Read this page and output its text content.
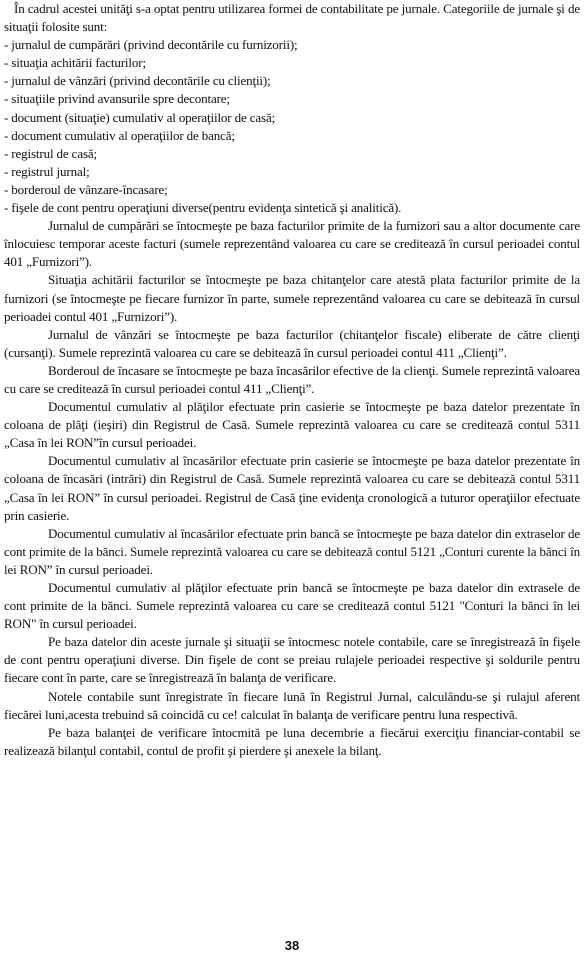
În cadrul acestei unităţi s-a optat pentru utilizarea formei de contabilitate pe jurnale. Categoriile de jurnale şi de situaţii folosite sunt:

- jurnalul de cumpărări (privind decontările cu furnizorii);

- situaţia achitării facturilor;

- jurnalul de vânzări (privind decontările cu clienţii);

- situaţiile privind avansurile spre decontare;

- document (situaţie) cumulativ al operaţiilor de casă;

- document cumulativ al operaţiilor de bancă;

- registrul de casă;

- registrul jurnal;

- borderoul de vânzare-încasare;

- fişele de cont pentru operaţiuni diverse(pentru evidenţa sintetică şi analitică).

Jurnalul de cumpărări se întocmeşte pe baza facturilor primite de la furnizori sau a altor documente care înlocuiesc temporar aceste facturi (sumele reprezentând valoarea cu care se creditează în cursul perioadei contul 401 „Furnizori”).

Situaţia achitării facturilor se întocmeşte pe baza chitanţelor care atestă plata facturilor primite de la furnizori (se întocmeşte pe fiecare furnizor în parte, sumele reprezentând valoarea cu care se debitează în cursul perioadei contul 401 „Furnizori”).

Jurnalul de vânzări se întocmeşte pe baza facturilor (chitanţelor fiscale) eliberate de către clienţi (cursanţi). Sumele reprezintă valoarea cu care se debitează în cursul perioadei contul 411 „Clienţi”.

Borderoul de încasare se întocmeşte pe baza încasărilor efective de la clienţi. Sumele reprezintă valoarea cu care se creditează în cursul perioadei contul 411 „Clienţi”.

Documentul cumulativ al plăţilor efectuate prin casierie se întocmeşte pe baza datelor prezentate în coloana de plăţi (ieşiri) din Registrul de Casă. Sumele reprezintă valoarea cu care se creditează contul 5311 „Casa în lei RON”în cursul perioadei.

Documentul cumulativ al încasărilor efectuate prin casierie se întocmeşte pe baza datelor prezentate în coloana de încasări (intrări) din Registrul de Casă. Sumele reprezintă valoarea cu care se debitează contul 5311 „Casa în lei RON” în cursul perioadei. Registrul de Casă ţine evidenţa cronologică a tuturor operaţiilor efectuate prin casierie.

Documentul cumulativ al încasărilor efectuate prin bancă se întocmeşte pe baza datelor din extraselor de cont primite de la bănci. Sumele reprezintă valoarea cu care se debitează contul 5121 „Conturi curente la bănci în lei RON” în cursul perioadei.

Documentul cumulativ al plăţilor efectuate prin bancă se întocmeşte pe baza datelor din extrasele de cont primite de la bănci. Sumele reprezintă valoarea cu care se creditează contul 5121 "Conturi la bănci în lei RON" în cursul perioadei.

Pe baza datelor din aceste jurnale şi situaţii se întocmesc notele contabile, care se înregistrează în fişele de cont pentru operaţiuni diverse. Din fişele de cont se preiau rulajele perioadei respective şi soldurile pentru fiecare cont în parte, care se înregistrează în balanţa de verificare.

Notele contabile sunt înregistrate în fiecare lună în Registrul Jurnal, calculându-se şi rulajul aferent fiecărei luni,acesta trebuind să coincidă cu ce! calculat în balanţa de verificare pentru luna respectivă.

Pe baza balanţei de verificare întocmită pe luna decembrie a fiecărui exerciţiu financiar-contabil se realizează bilanţul contabil, contul de profit şi pierdere şi anexele la bilanţ.

38
